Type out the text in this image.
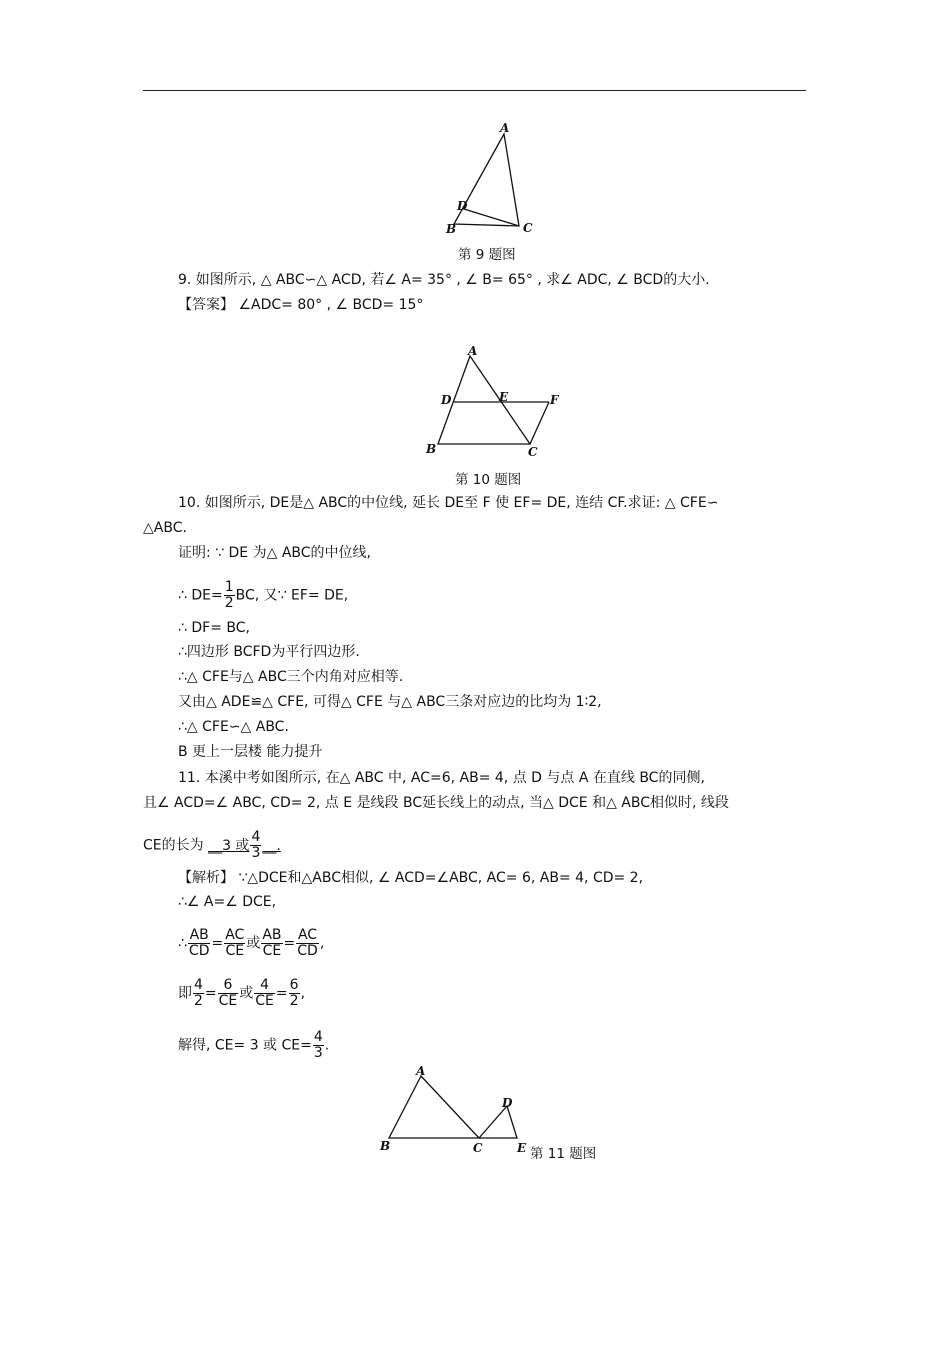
A
B	C
D
第 9 题图
9. 如图所示, △ ABC∽△ ACD, 若∠ A= 35° , ∠ B= 65° , 求∠ ADC, ∠ BCD的大小.
【答案】 ∠ADC= 80° , ∠ BCD= 15°
A
B	C
D	E	F
第 10 题图
10. 如图所示, DE是△ ABC的中位线, 延长 DE至 F 使 EF= DE, 连结 CF.求证: △ CFE∽
△ABC.
证明: ∵ DE 为△ ABC的中位线,
∴ $DE= \frac{1}{2}$ BC, 又∵ EF= DE,
∴ DF= BC,
∴四边形 BCFD为平行四边形.
∴△ CFE与△ ABC三个内角对应相等.
又由△ ADE≌△ CFE, 可得△ CFE 与△ ABC三条对应边的比均为 1∶2,
∴△ CFE∽△ ABC.
B 更上一层楼 能力提升
11. 本溪中考如图所示, 在△ ABC 中, AC=6, AB= 4, 点 D 与点 A 在直线 BC的同侧,
且∠ ACD=∠ ABC, CD= 2, 点 E 是线段 BC延长线上的动点, 当△ DCE 和△ ABC相似时, 线段
CE的长为 __3 或 $\frac{4}{3}$ __.
【解析】 ∵△DCE和△ABC相似, ∠ ACD=∠ABC, AC= 6, AB= 4, CD= 2,
∴∠ A=∠ DCE,
∴ $\frac{AB}{CD} = \frac{AC}{CE}$ 或 $\frac{AB}{CE} = \frac{AC}{CD}$ ,
即 $\frac{4}{2} = \frac{6}{CE}$ 或 $\frac{4}{CE} = \frac{6}{2}$ ,
解得, CE= 3 或 $CE= \frac{4}{3}$ .
A
B	C
D
E 第 11 题图
